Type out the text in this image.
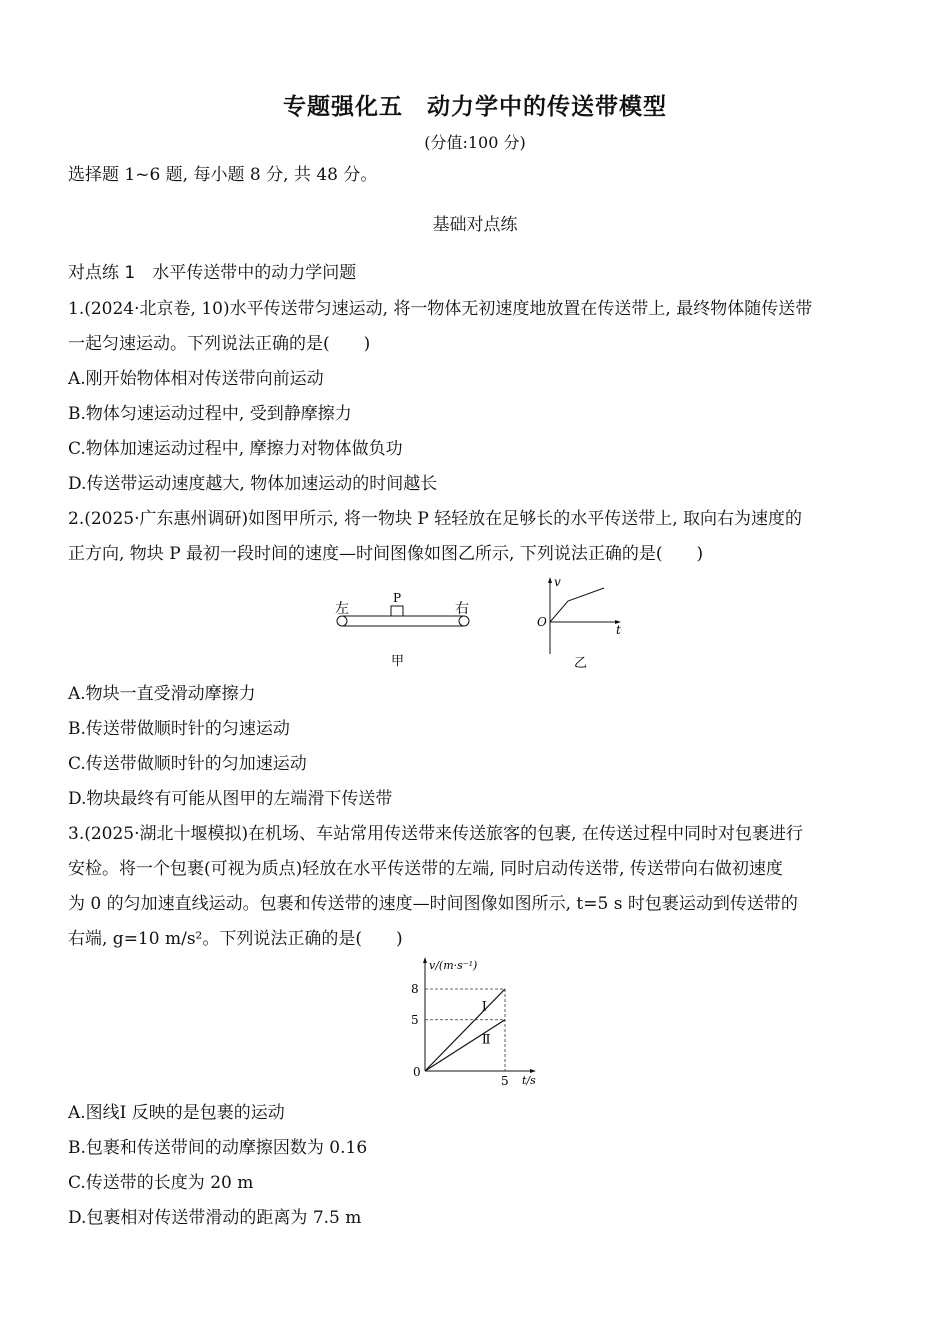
专题强化五　动力学中的传送带模型
(分值:100 分)
选择题 1~6 题, 每小题 8 分, 共 48 分。
基础对点练
对点练 1　水平传送带中的动力学问题
1.(2024·北京卷, 10)水平传送带匀速运动, 将一物体无初速度地放置在传送带上, 最终物体随传送带
一起匀速运动。下列说法正确的是(　　)
A.刚开始物体相对传送带向前运动
B.物体匀速运动过程中, 受到静摩擦力
C.物体加速运动过程中, 摩擦力对物体做负功
D.传送带运动速度越大, 物体加速运动的时间越长
2.(2025·广东惠州调研)如图甲所示, 将一物块 P 轻轻放在足够长的水平传送带上, 取向右为速度的
正方向, 物块 P 最初一段时间的速度—时间图像如图乙所示, 下列说法正确的是(　　)
左	右
P
甲
v
t
O
乙
A.物块一直受滑动摩擦力
B.传送带做顺时针的匀速运动
C.传送带做顺时针的匀加速运动
D.物块最终有可能从图甲的左端滑下传送带
3.(2025·湖北十堰模拟)在机场、车站常用传送带来传送旅客的包裹, 在传送过程中同时对包裹进行
安检。将一个包裹(可视为质点)轻放在水平传送带的左端, 同时启动传送带, 传送带向右做初速度
为 0 的匀加速直线运动。包裹和传送带的速度—时间图像如图所示, t=5 s 时包裹运动到传送带的
右端, g=10 m/s²。下列说法正确的是(　　)
v/(m·s⁻¹)
t/s
0
5
8
5
Ⅰ
Ⅱ
A.图线Ⅰ 反映的是包裹的运动
B.包裹和传送带间的动摩擦因数为 0.16
C.传送带的长度为 20 m
D.包裹相对传送带滑动的距离为 7.5 m
